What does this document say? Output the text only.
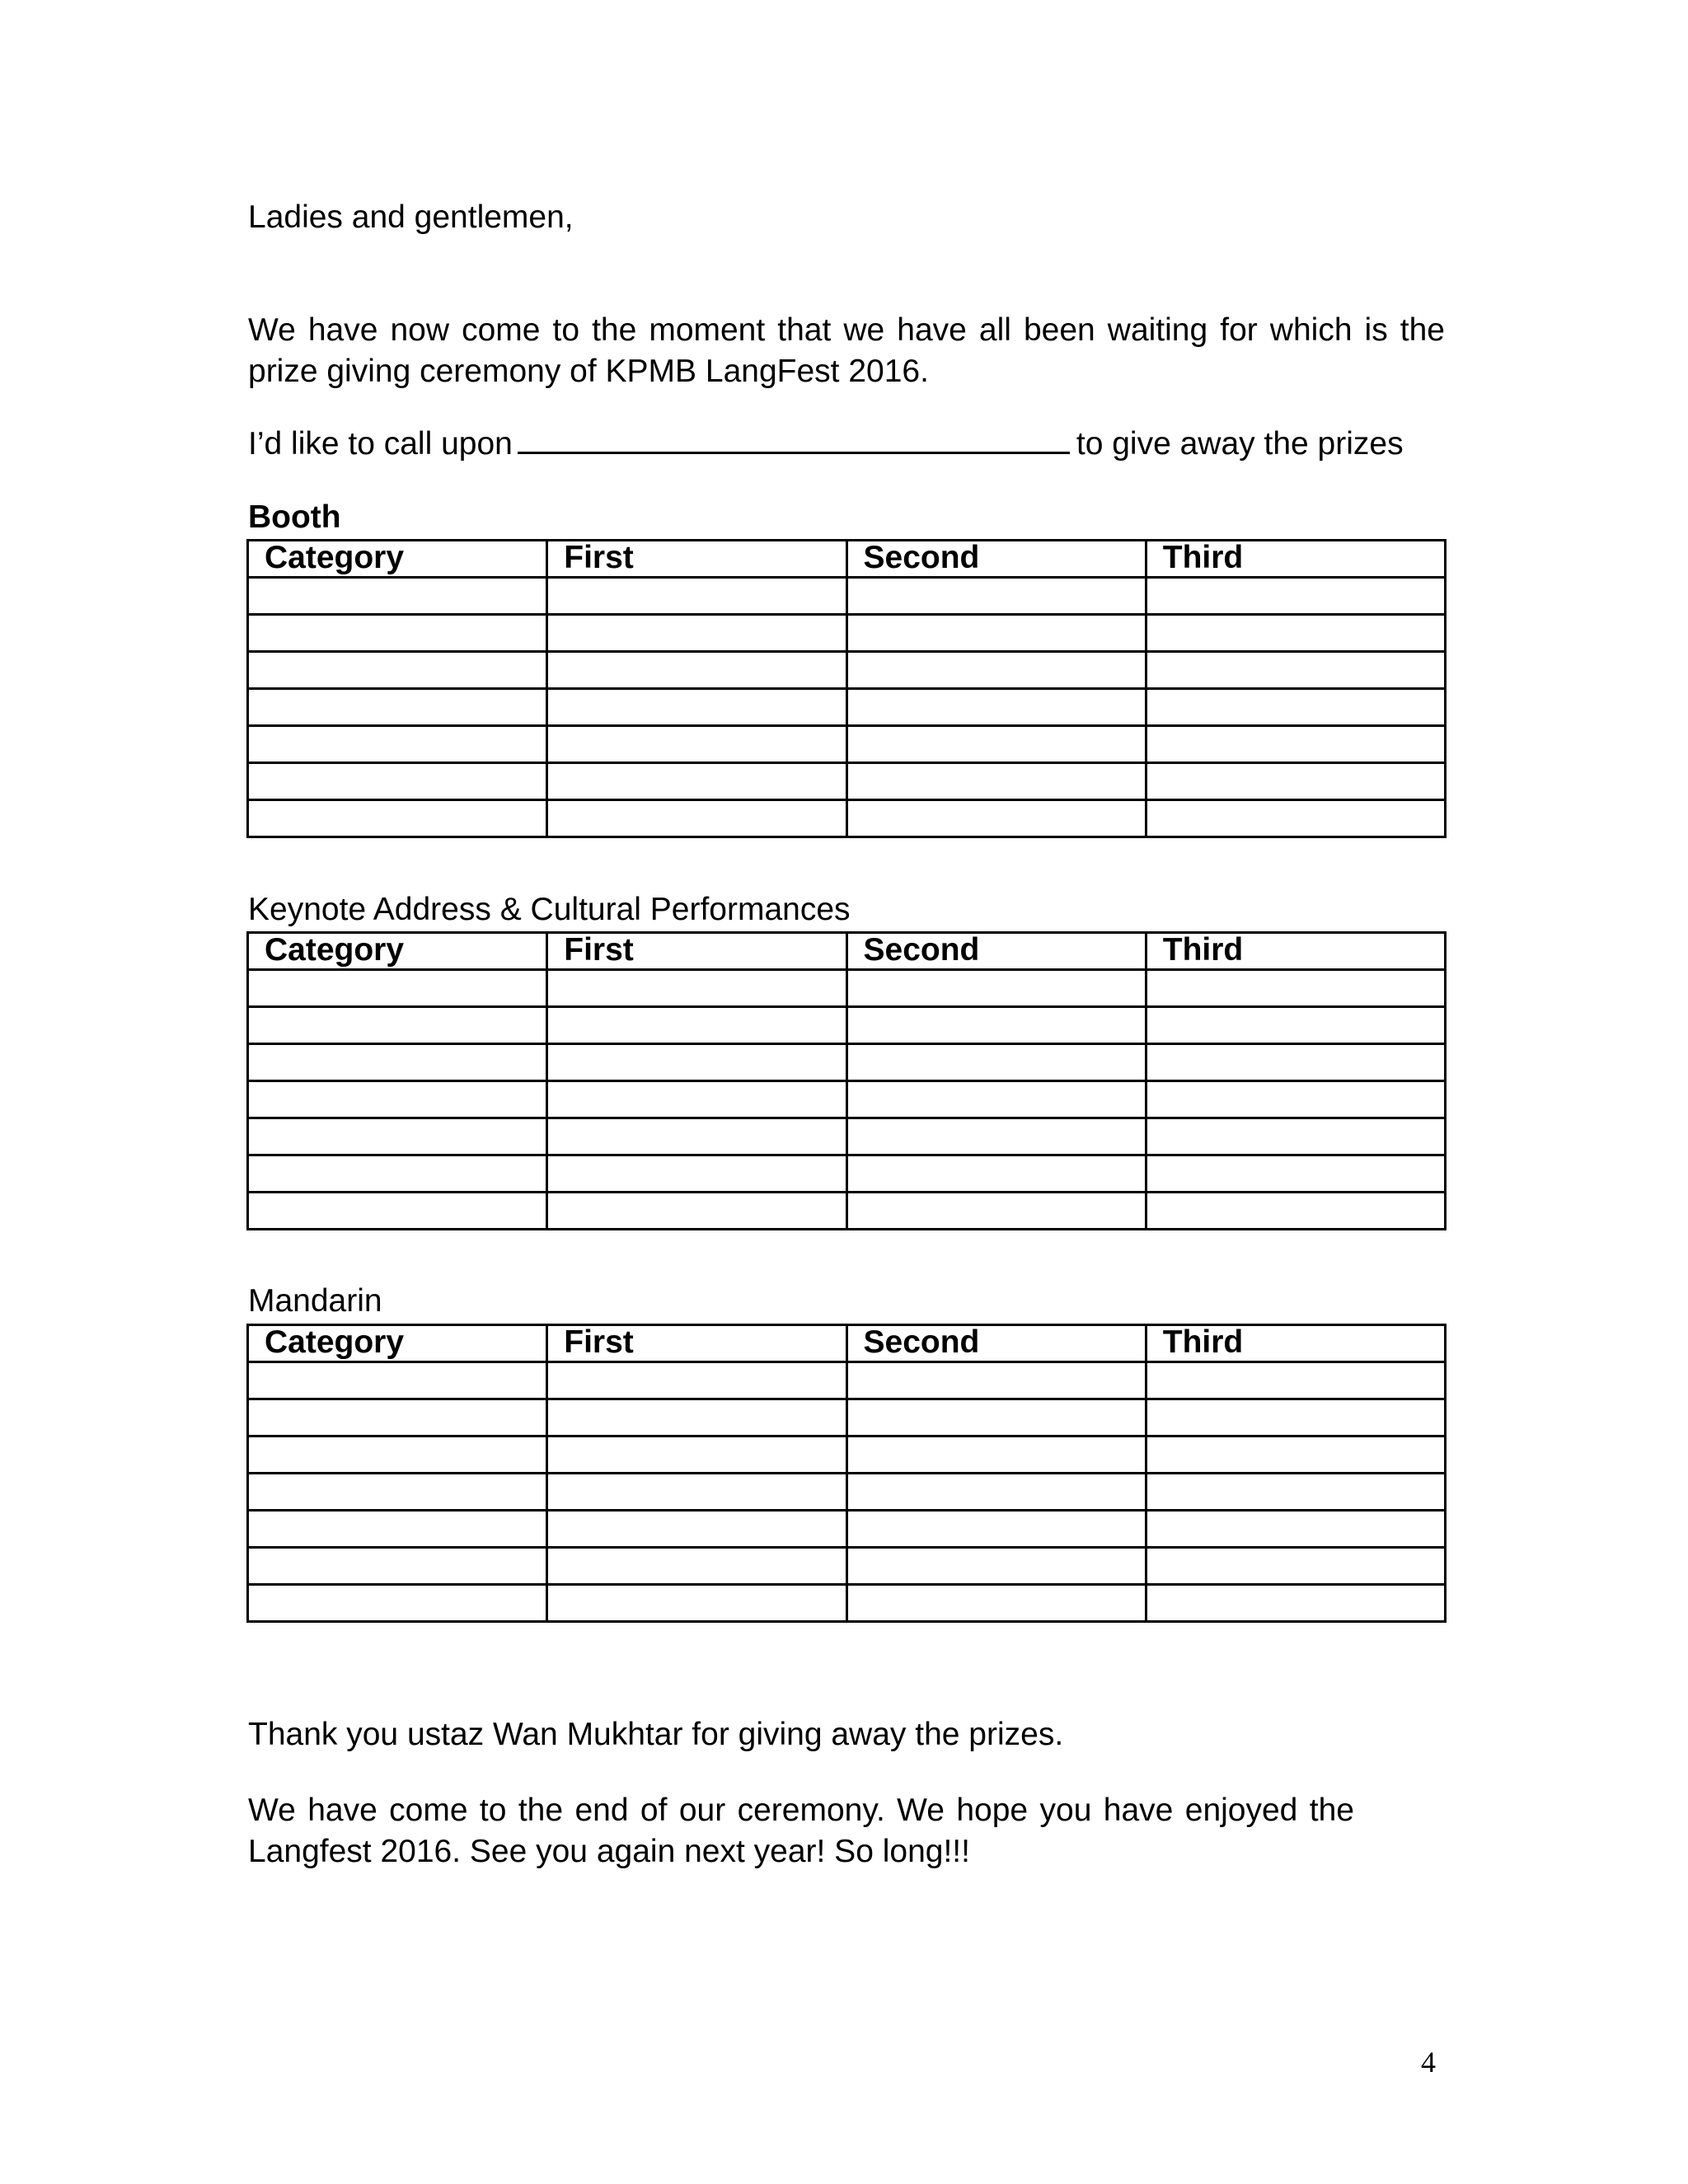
Ladies and gentlemen,
We have now come to the moment that we have all been waiting for which is the prize giving ceremony of KPMB LangFest 2016.
I’d like to call upon	to give away the prizes
Booth
Category	First	Second	Third

Keynote Address & Cultural Performances
Category	First	Second	Third

Mandarin
Category	First	Second	Third

Thank you ustaz Wan Mukhtar for giving away the prizes.
We have come to the end of our ceremony. We hope you have enjoyed the Langfest 2016. See you again next year! So long!!!
4
